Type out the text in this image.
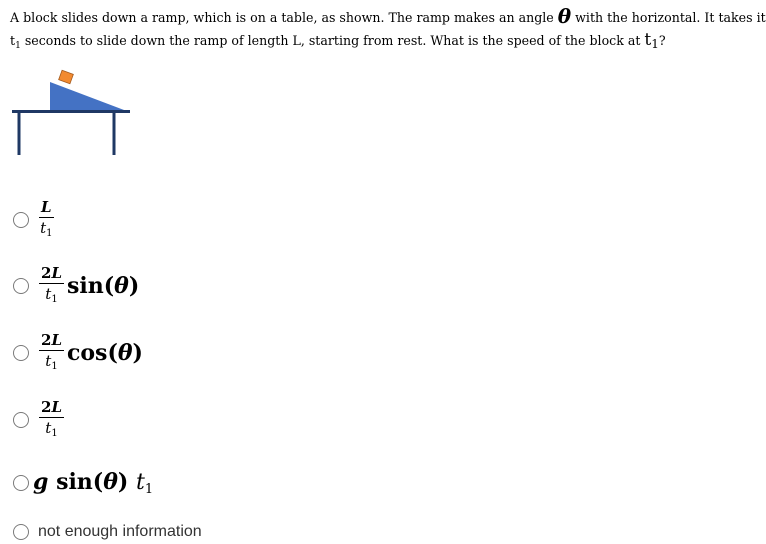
A block slides down a ramp, which is on a table, as shown. The ramp makes an angle θ with the horizontal. It takes it
$t_1$ seconds to slide down the ramp of length L, starting from rest. What is the speed of the block at $t_1$?
$\frac{L}{t_1}$
$\frac{2L}{t_1} \sin(\theta)$
$\frac{2L}{t_1} \cos(\theta)$
$\frac{2L}{t_1}$
g sin(θ) t1
not enough information
